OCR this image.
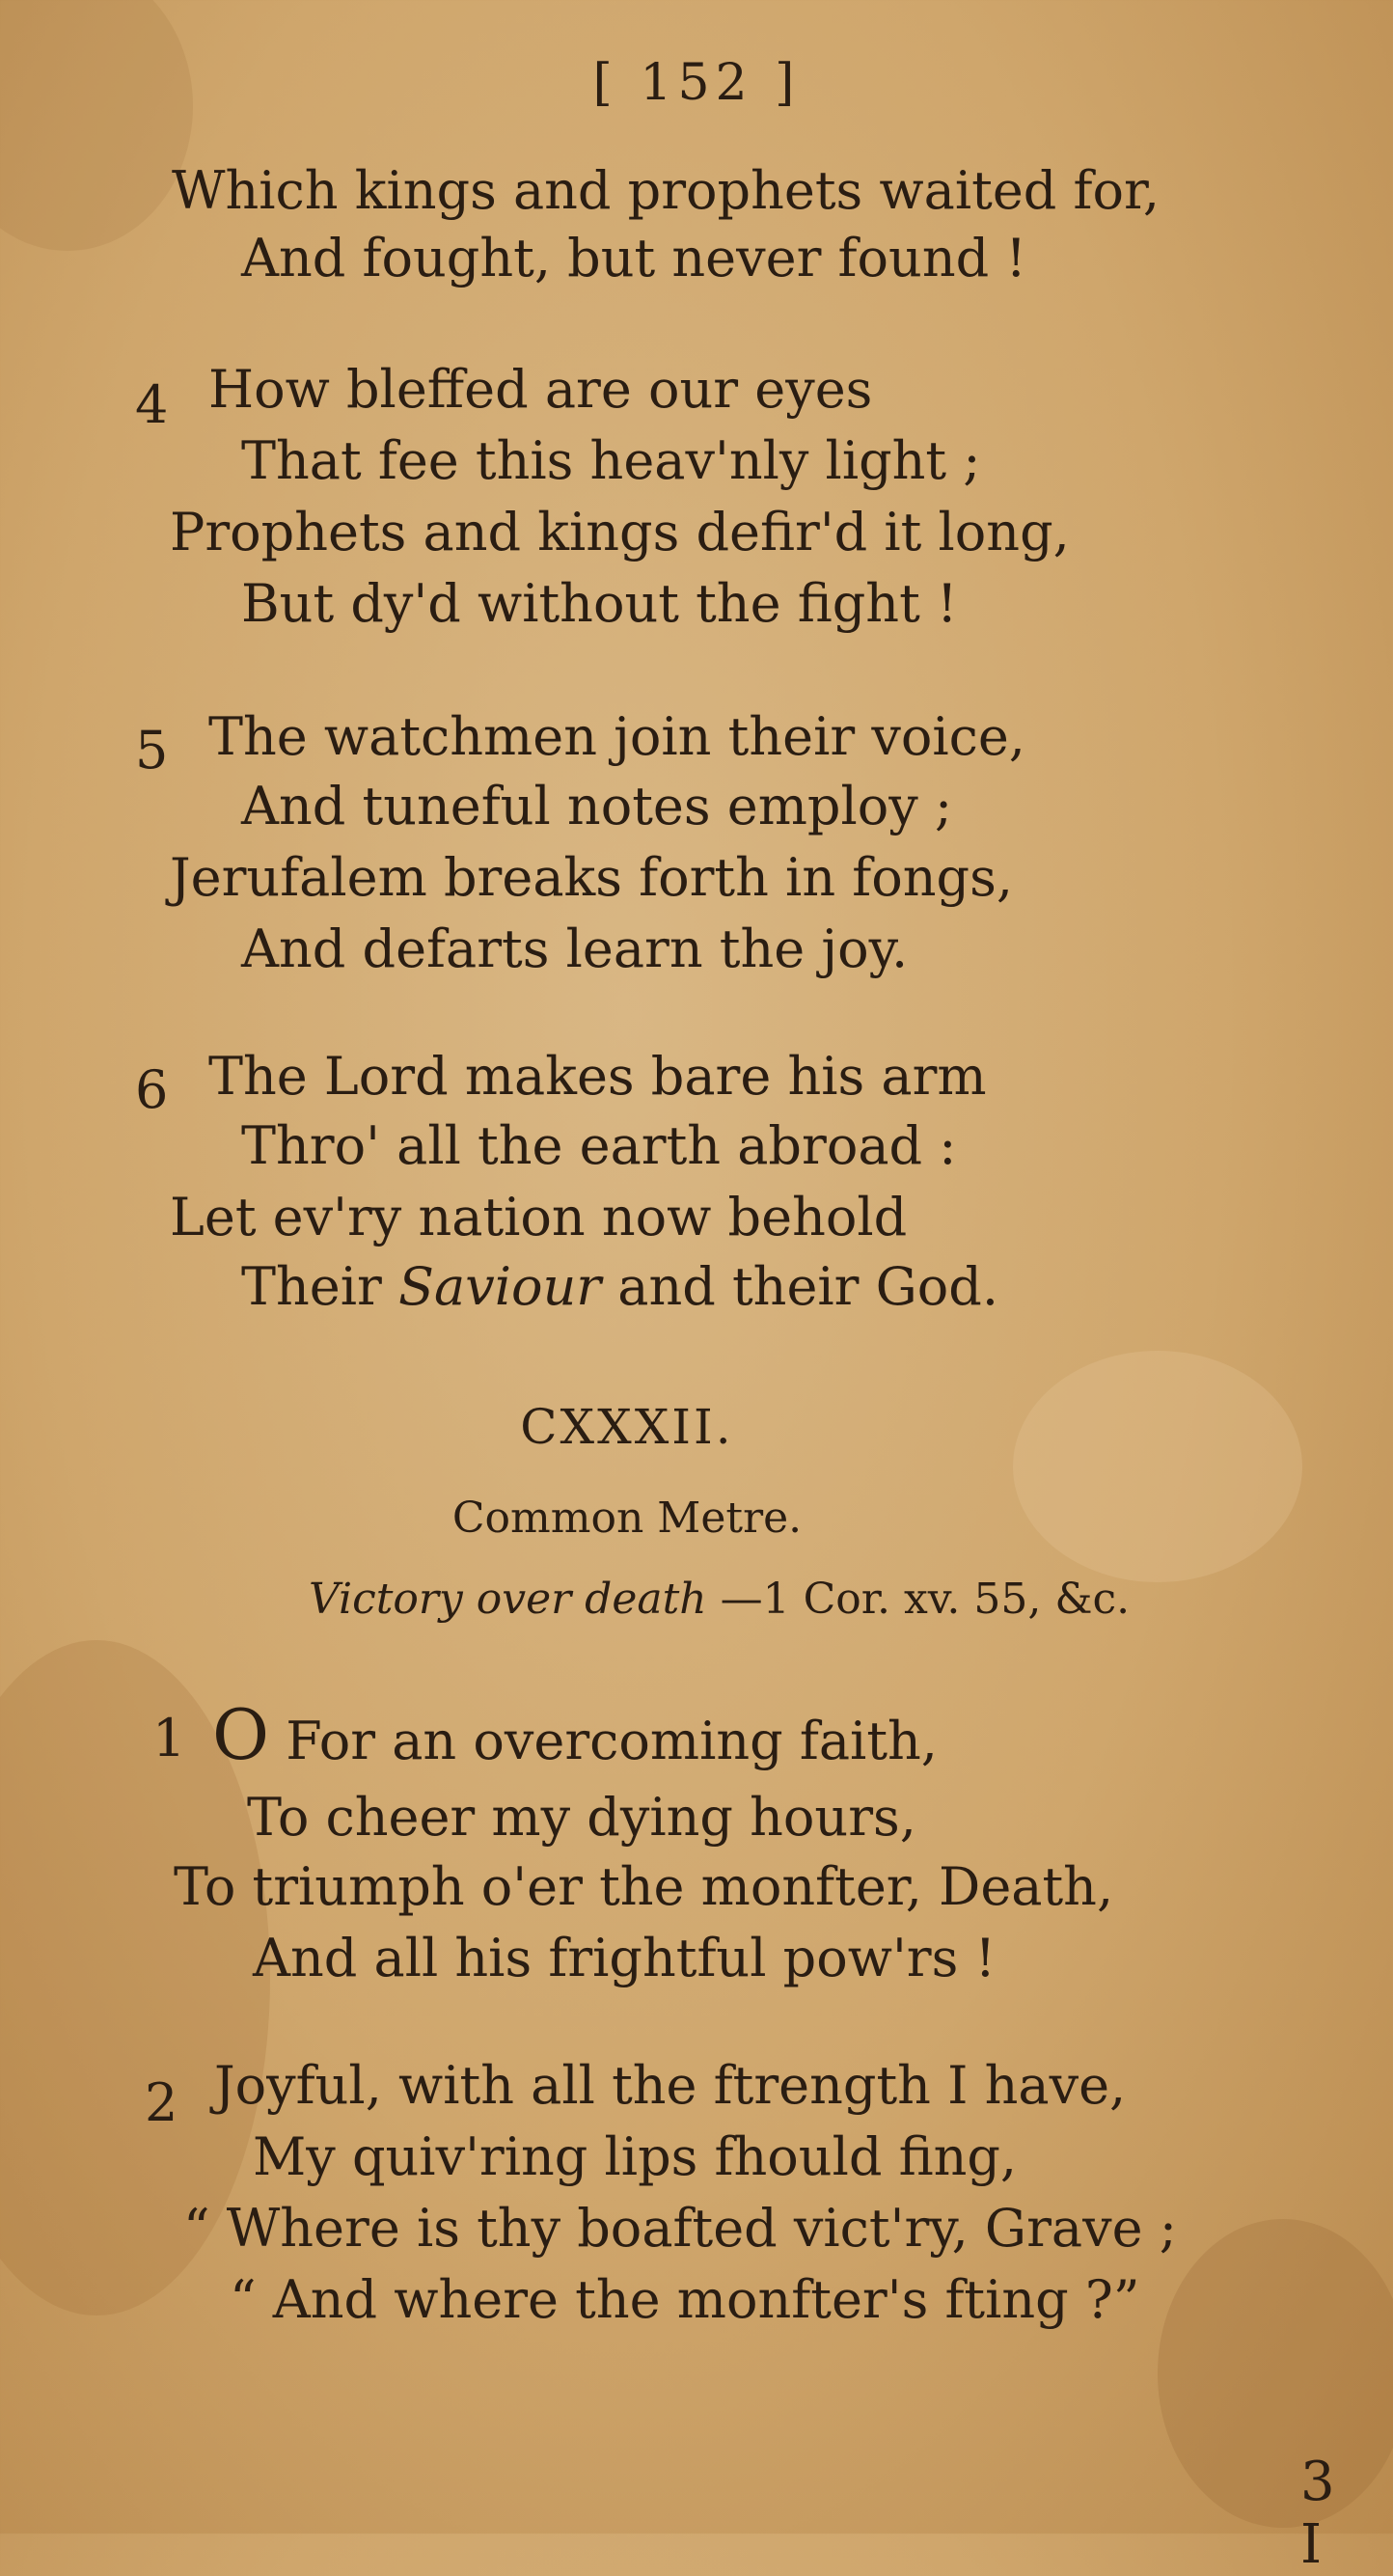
[ 152 ]
Which kings and prophets waited for,
And fought, but never found !
4 How bleffed are our eyes
That fee this heav'nly light ;
Prophets and kings defir'd it long,
But dy'd without the fight !
5 The watchmen join their voice,
And tuneful notes employ ;
Jerufalem breaks forth in fongs,
And defarts learn the joy.
6 The Lord makes bare his arm
Thro' all the earth abroad :
Let ev'ry nation now behold
Their Saviour and their God.
CXXXII.
Common Metre.
Victory over death —1 Cor. xv. 55, &c.
1 O For an overcoming faith,
To cheer my dying hours,
To triumph o'er the monfter, Death,
And all his frightful pow'rs !
2 Joyful, with all the ftrength I have,
My quiv'ring lips fhould fing,
“ Where is thy boafted vict'ry, Grave ;
“ And where the monfter's fting ?”
3 I
